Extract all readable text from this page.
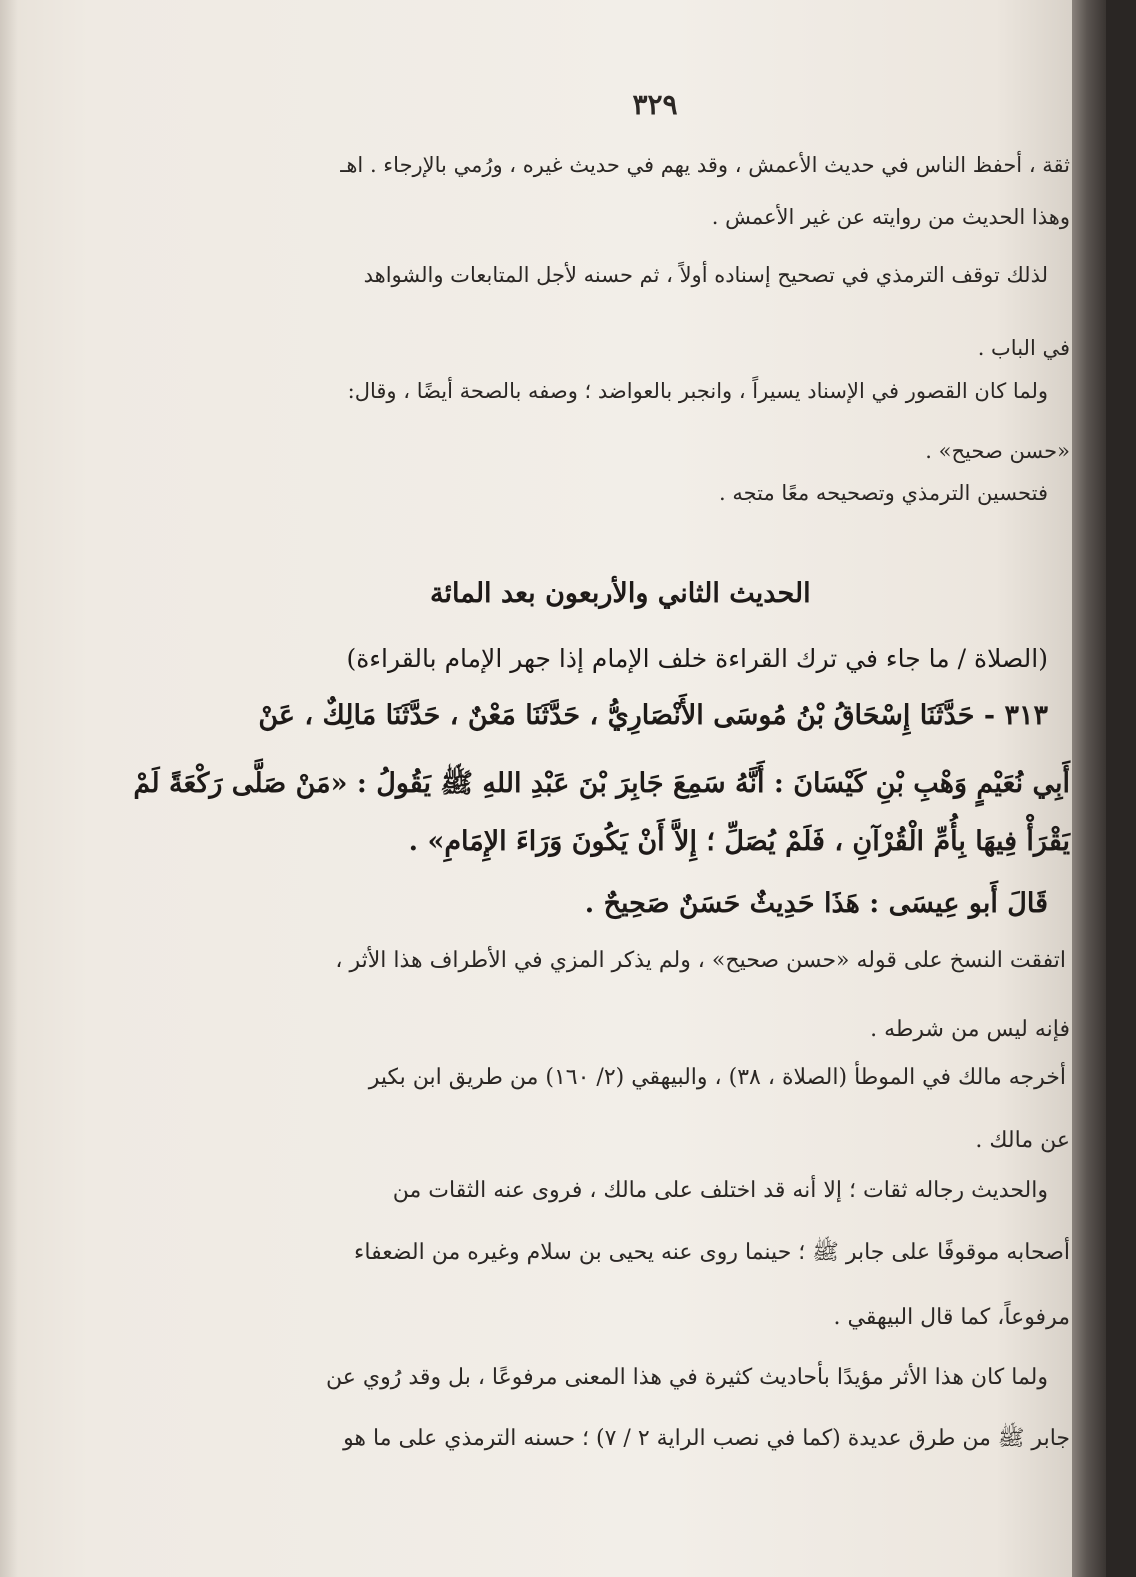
٣٢٩
ثقة ، أحفظ الناس في حديث الأعمش ، وقد يهم في حديث غيره ، ورُمي بالإرجاء . اهـ
وهذا الحديث من روايته عن غير الأعمش .
لذلك توقف الترمذي في تصحيح إسناده أولاً ، ثم حسنه لأجل المتابعات والشواهد
في الباب .
ولما كان القصور في الإسناد يسيراً ، وانجبر بالعواضد ؛ وصفه بالصحة أيضًا ، وقال:
«حسن صحيح» .
فتحسين الترمذي وتصحيحه معًا متجه .
الحديث الثاني والأربعون بعد المائة
(الصلاة / ما جاء في ترك القراءة خلف الإمام إذا جهر الإمام بالقراءة)
٣١٣ - حَدَّثَنَا إِسْحَاقُ بْنُ مُوسَى الأَنْصَارِيُّ ، حَدَّثَنَا مَعْنٌ ، حَدَّثَنَا مَالِكٌ ، عَنْ
أَبِي نُعَيْمٍ وَهْبِ بْنِ كَيْسَانَ : أَنَّهُ سَمِعَ جَابِرَ بْنَ عَبْدِ اللهِ ﷺ يَقُولُ : «مَنْ صَلَّى رَكْعَةً لَمْ
يَقْرَأْ فِيهَا بِأُمِّ الْقُرْآنِ ، فَلَمْ يُصَلِّ ؛ إِلاَّ أَنْ يَكُونَ وَرَاءَ الإِمَامِ» .
قَالَ أَبو عِيسَى : هَذَا حَدِيثٌ حَسَنٌ صَحِيحٌ .
اتفقت النسخ على قوله «حسن صحيح» ، ولم يذكر المزي في الأطراف هذا الأثر ،
فإنه ليس من شرطه .
أخرجه مالك في الموطأ (الصلاة ، ٣٨) ، والبيهقي (٢/ ١٦٠) من طريق ابن بكير
عن مالك .
والحديث رجاله ثقات ؛ إلا أنه قد اختلف على مالك ، فروى عنه الثقات من
أصحابه موقوفًا على جابر ﷺ ؛ حينما روى عنه يحيى بن سلام وغيره من الضعفاء
مرفوعاً، كما قال البيهقي .
ولما كان هذا الأثر مؤيدًا بأحاديث كثيرة في هذا المعنى مرفوعًا ، بل وقد رُوي عن
جابر ﷺ من طرق عديدة (كما في نصب الراية ٢ / ٧) ؛ حسنه الترمذي على ما هو
